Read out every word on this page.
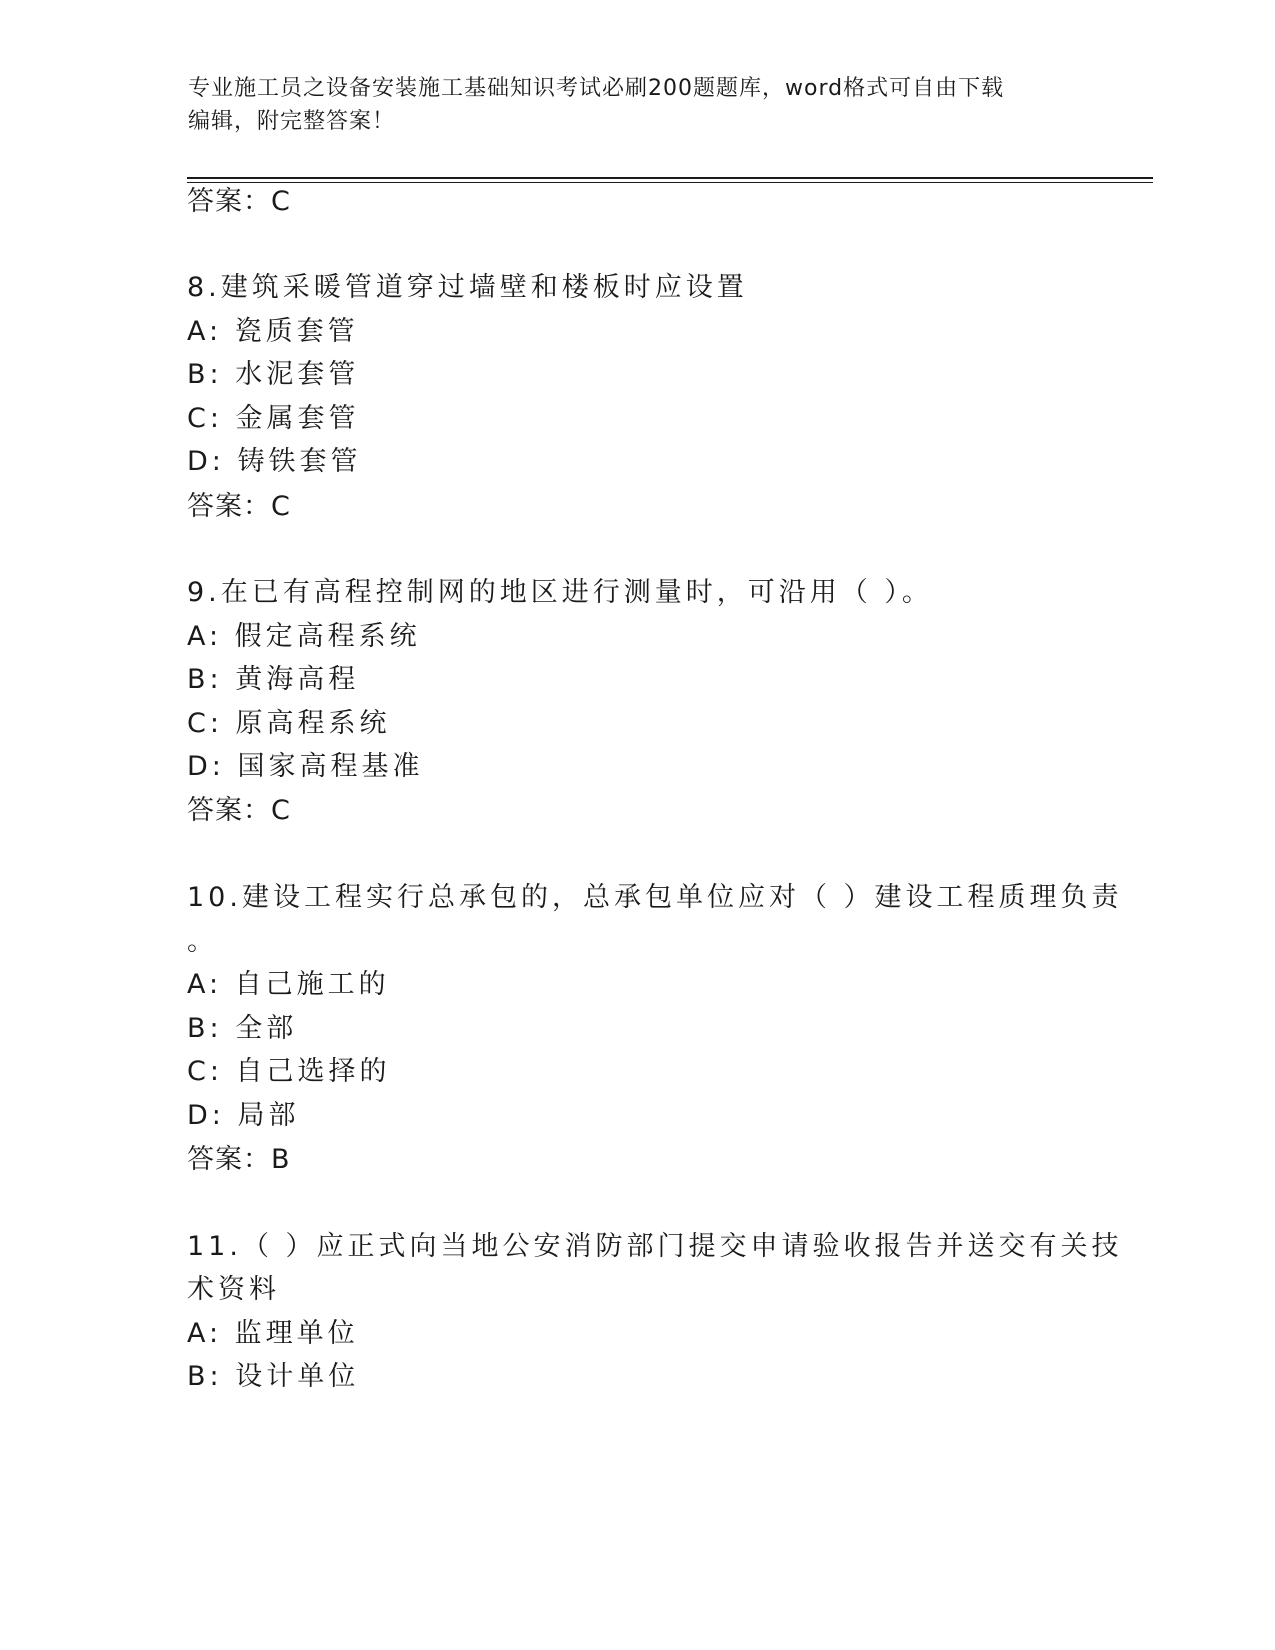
专业施工员之设备安装施工基础知识考试必刷200题题库，word格式可自由下载
编辑，附完整答案！
答案：C
8.建筑采暖管道穿过墙壁和楼板时应设置
A: 瓷质套管
B: 水泥套管
C: 金属套管
D: 铸铁套管
答案：C
9.在已有高程控制网的地区进行测量时，可沿用（ ）。
A: 假定高程系统
B: 黄海高程
C: 原高程系统
D: 国家高程基准
答案：C
10.建设工程实行总承包的，总承包单位应对（ ）建设工程质理负责
。
A: 自己施工的
B: 全部
C: 自己选择的
D: 局部
答案：B
11.（ ）应正式向当地公安消防部门提交申请验收报告并送交有关技
术资料
A: 监理单位
B: 设计单位
